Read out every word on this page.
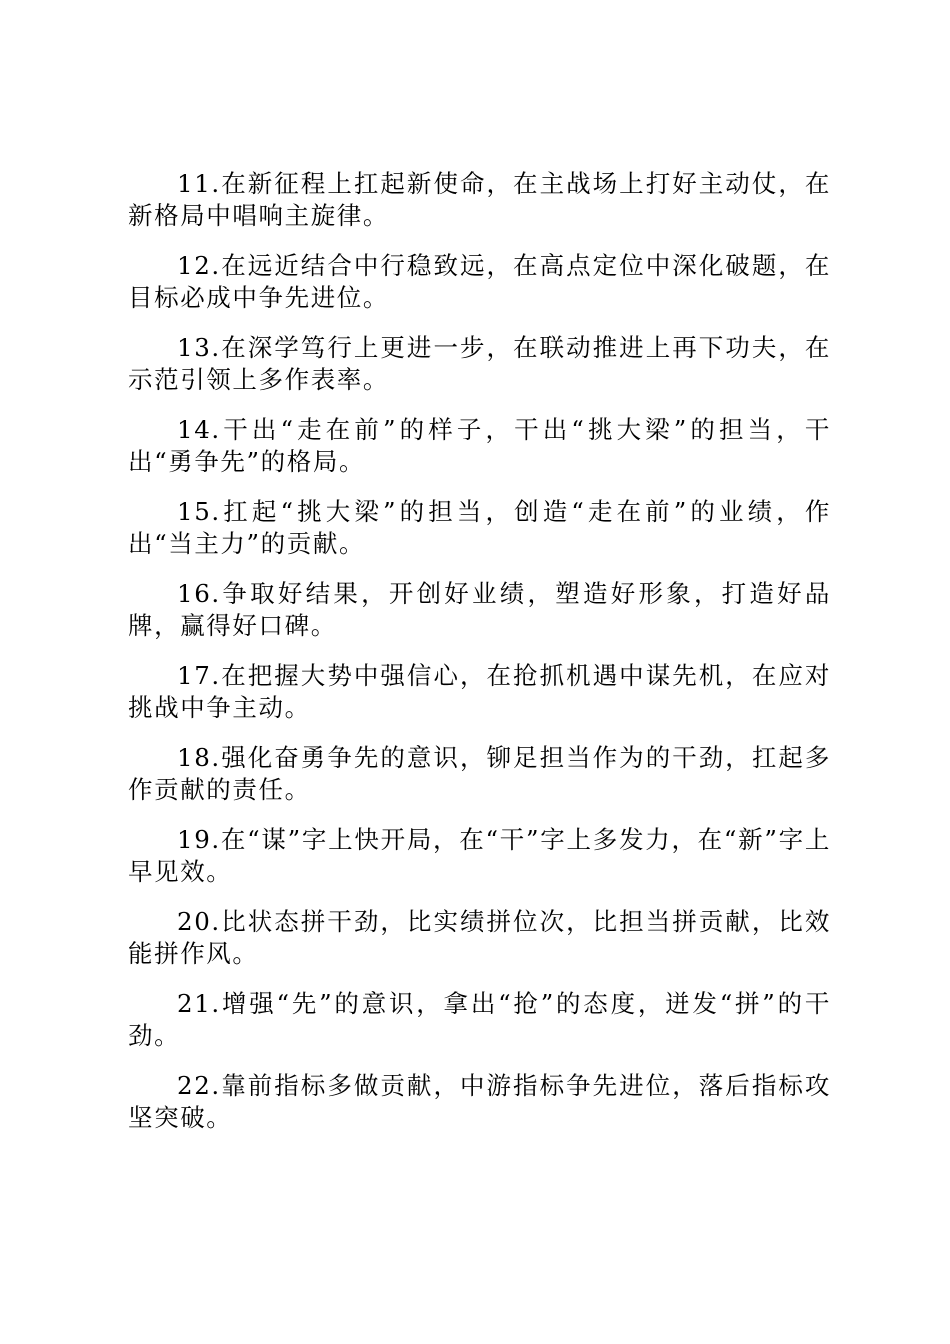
11.在新征程上扛起新使命，在主战场上打好主动仗，在新格局中唱响主旋律。

12.在远近结合中行稳致远，在高点定位中深化破题，在目标必成中争先进位。

13.在深学笃行上更进一步，在联动推进上再下功夫，在示范引领上多作表率。

14.干出“走在前”的样子，干出“挑大梁”的担当，干出“勇争先”的格局。

15.扛起“挑大梁”的担当，创造“走在前”的业绩，作出“当主力”的贡献。

16.争取好结果，开创好业绩，塑造好形象，打造好品牌，赢得好口碑。

17.在把握大势中强信心，在抢抓机遇中谋先机，在应对挑战中争主动。

18.强化奋勇争先的意识，铆足担当作为的干劲，扛起多作贡献的责任。

19.在“谋”字上快开局，在“干”字上多发力，在“新”字上早见效。

20.比状态拼干劲，比实绩拼位次，比担当拼贡献，比效能拼作风。

21.增强“先”的意识，拿出“抢”的态度，迸发“拼”的干劲。

22.靠前指标多做贡献，中游指标争先进位，落后指标攻坚突破。
